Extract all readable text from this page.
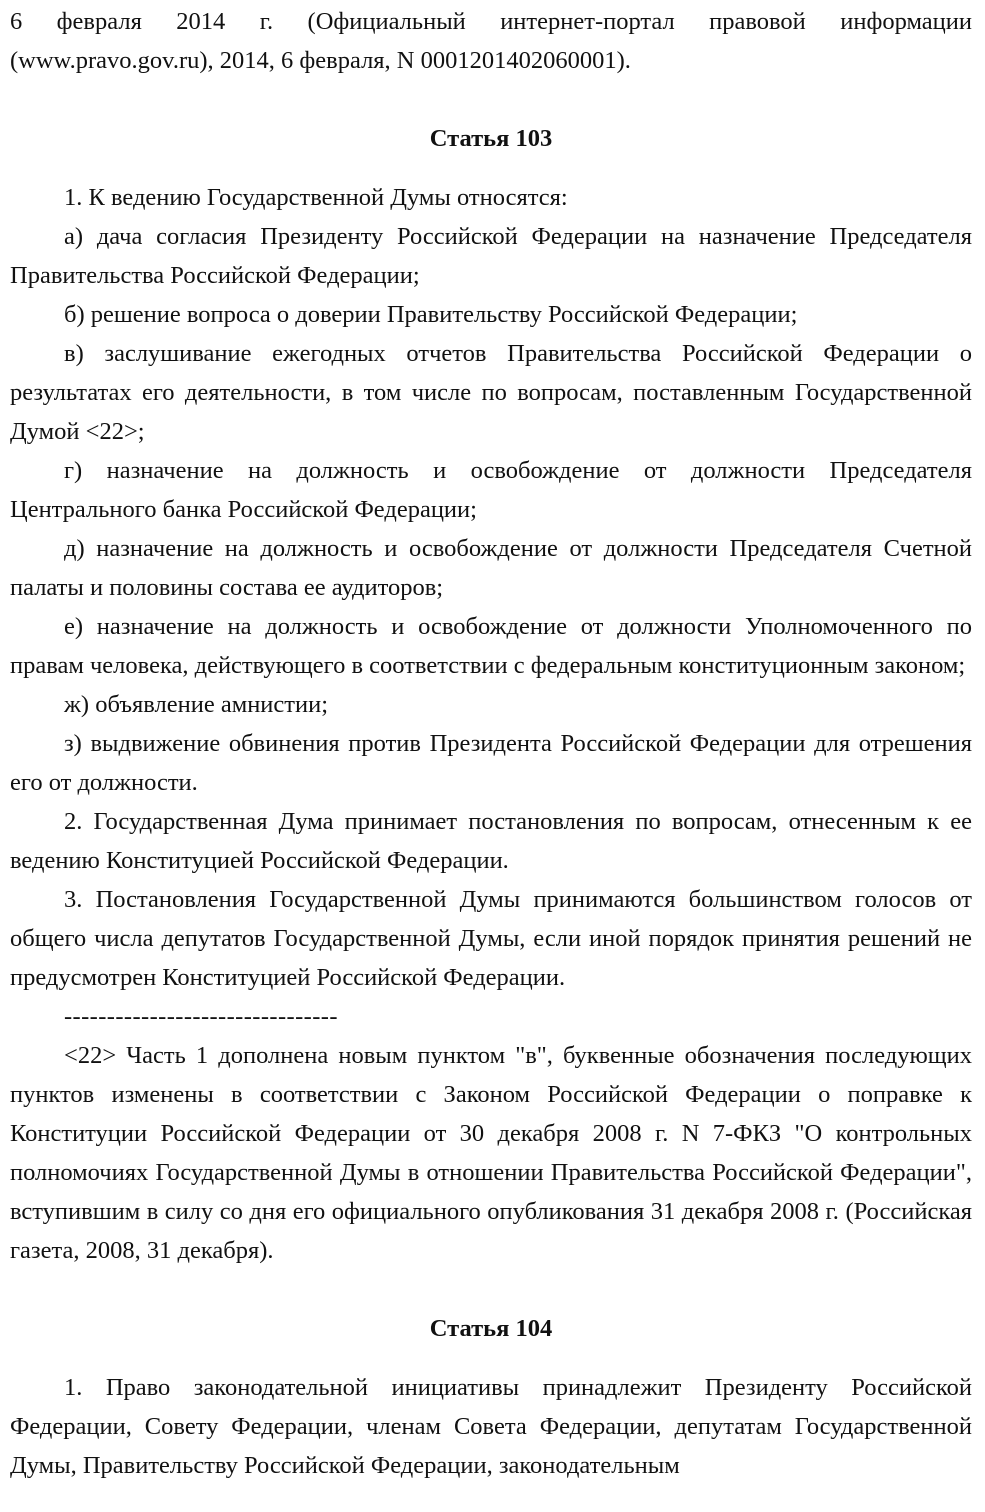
6 февраля 2014 г. (Официальный интернет-портал правовой информации (www.pravo.gov.ru), 2014, 6 февраля, N 0001201402060001).

Статья 103

1. К ведению Государственной Думы относятся:

а) дача согласия Президенту Российской Федерации на назначение Председателя Правительства Российской Федерации;

б) решение вопроса о доверии Правительству Российской Федерации;

в) заслушивание ежегодных отчетов Правительства Российской Федерации о результатах его деятельности, в том числе по вопросам, поставленным Государственной Думой <22>;

г) назначение на должность и освобождение от должности Председателя Центрального банка Российской Федерации;

д) назначение на должность и освобождение от должности Председателя Счетной палаты и половины состава ее аудиторов;

е) назначение на должность и освобождение от должности Уполномоченного по правам человека, действующего в соответствии с федеральным конституционным законом;

ж) объявление амнистии;

з) выдвижение обвинения против Президента Российской Федерации для отрешения его от должности.

2. Государственная Дума принимает постановления по вопросам, отнесенным к ее ведению Конституцией Российской Федерации.

3. Постановления Государственной Думы принимаются большинством голосов от общего числа депутатов Государственной Думы, если иной порядок принятия решений не предусмотрен Конституцией Российской Федерации.

--------------------------------

<22> Часть 1 дополнена новым пунктом "в", буквенные обозначения последующих пунктов изменены в соответствии с Законом Российской Федерации о поправке к Конституции Российской Федерации от 30 декабря 2008 г. N 7-ФКЗ "О контрольных полномочиях Государственной Думы в отношении Правительства Российской Федерации", вступившим в силу со дня его официального опубликования 31 декабря 2008 г. (Российская газета, 2008, 31 декабря).

Статья 104

1. Право законодательной инициативы принадлежит Президенту Российской Федерации, Совету Федерации, членам Совета Федерации, депутатам Государственной Думы, Правительству Российской Федерации, законодательным
